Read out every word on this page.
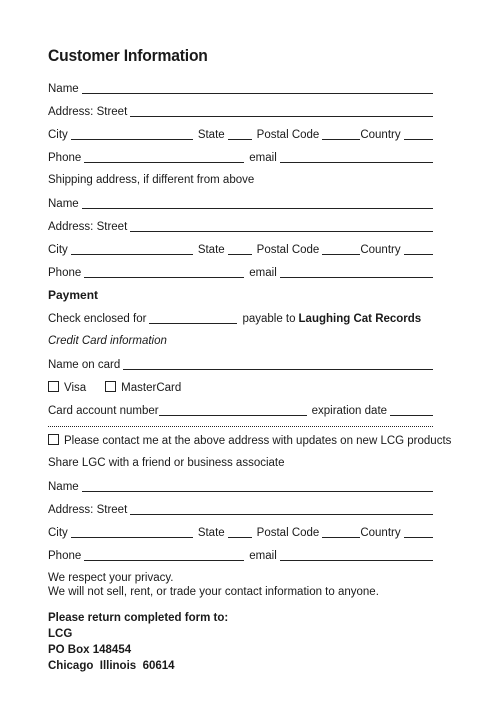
Customer Information
Name
Address: Street
City	State	Postal Code	Country
Phone	email
Shipping address, if different from above
Name
Address: Street
City	State	Postal Code	Country
Phone	email
Payment
Check enclosed for	payable to Laughing Cat Records
Credit Card information
Name on card
Visa	MasterCard
Card account number	expiration date
Please contact me at the above address with updates on new LCG products
Share LGC with a friend or business associate
Name
Address: Street
City	State	Postal Code	Country
Phone	email
We respect your privacy.
We will not sell, rent, or trade your contact information to anyone.
Please return completed form to:
LCG
PO Box 148454
Chicago  Illinois  60614
